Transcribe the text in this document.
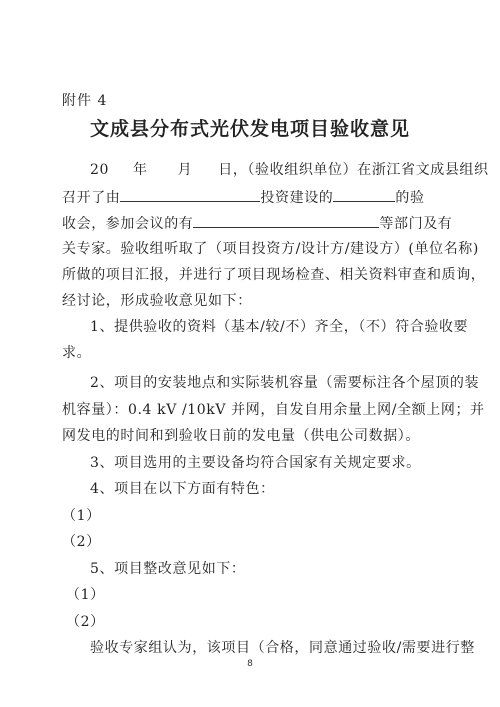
附件 4
文成县分布式光伏发电项目验收意见
20 年 月 日，（验收组织单位）在浙江省文成县组织
召开了由	投资建设的	的验
收会，参加会议的有	等部门及有
关专家。验收组听取了（项目投资方/设计方/建设方）(单位名称)
所做的项目汇报，并进行了项目现场检查、相关资料审查和质询，
经讨论，形成验收意见如下：
1、提供验收的资料（基本/较/不）齐全，（不）符合验收要
求。
2、项目的安装地点和实际装机容量（需要标注各个屋顶的装
机容量）：0.4 kV /10kV 并网，自发自用余量上网/全额上网；并
网发电的时间和到验收日前的发电量（供电公司数据）。
3、项目选用的主要设备均符合国家有关规定要求。
4、项目在以下方面有特色：
（1）
（2）
5、项目整改意见如下：
（1）
（2）
验收专家组认为，该项目（合格，同意通过验收/需要进行整
8
